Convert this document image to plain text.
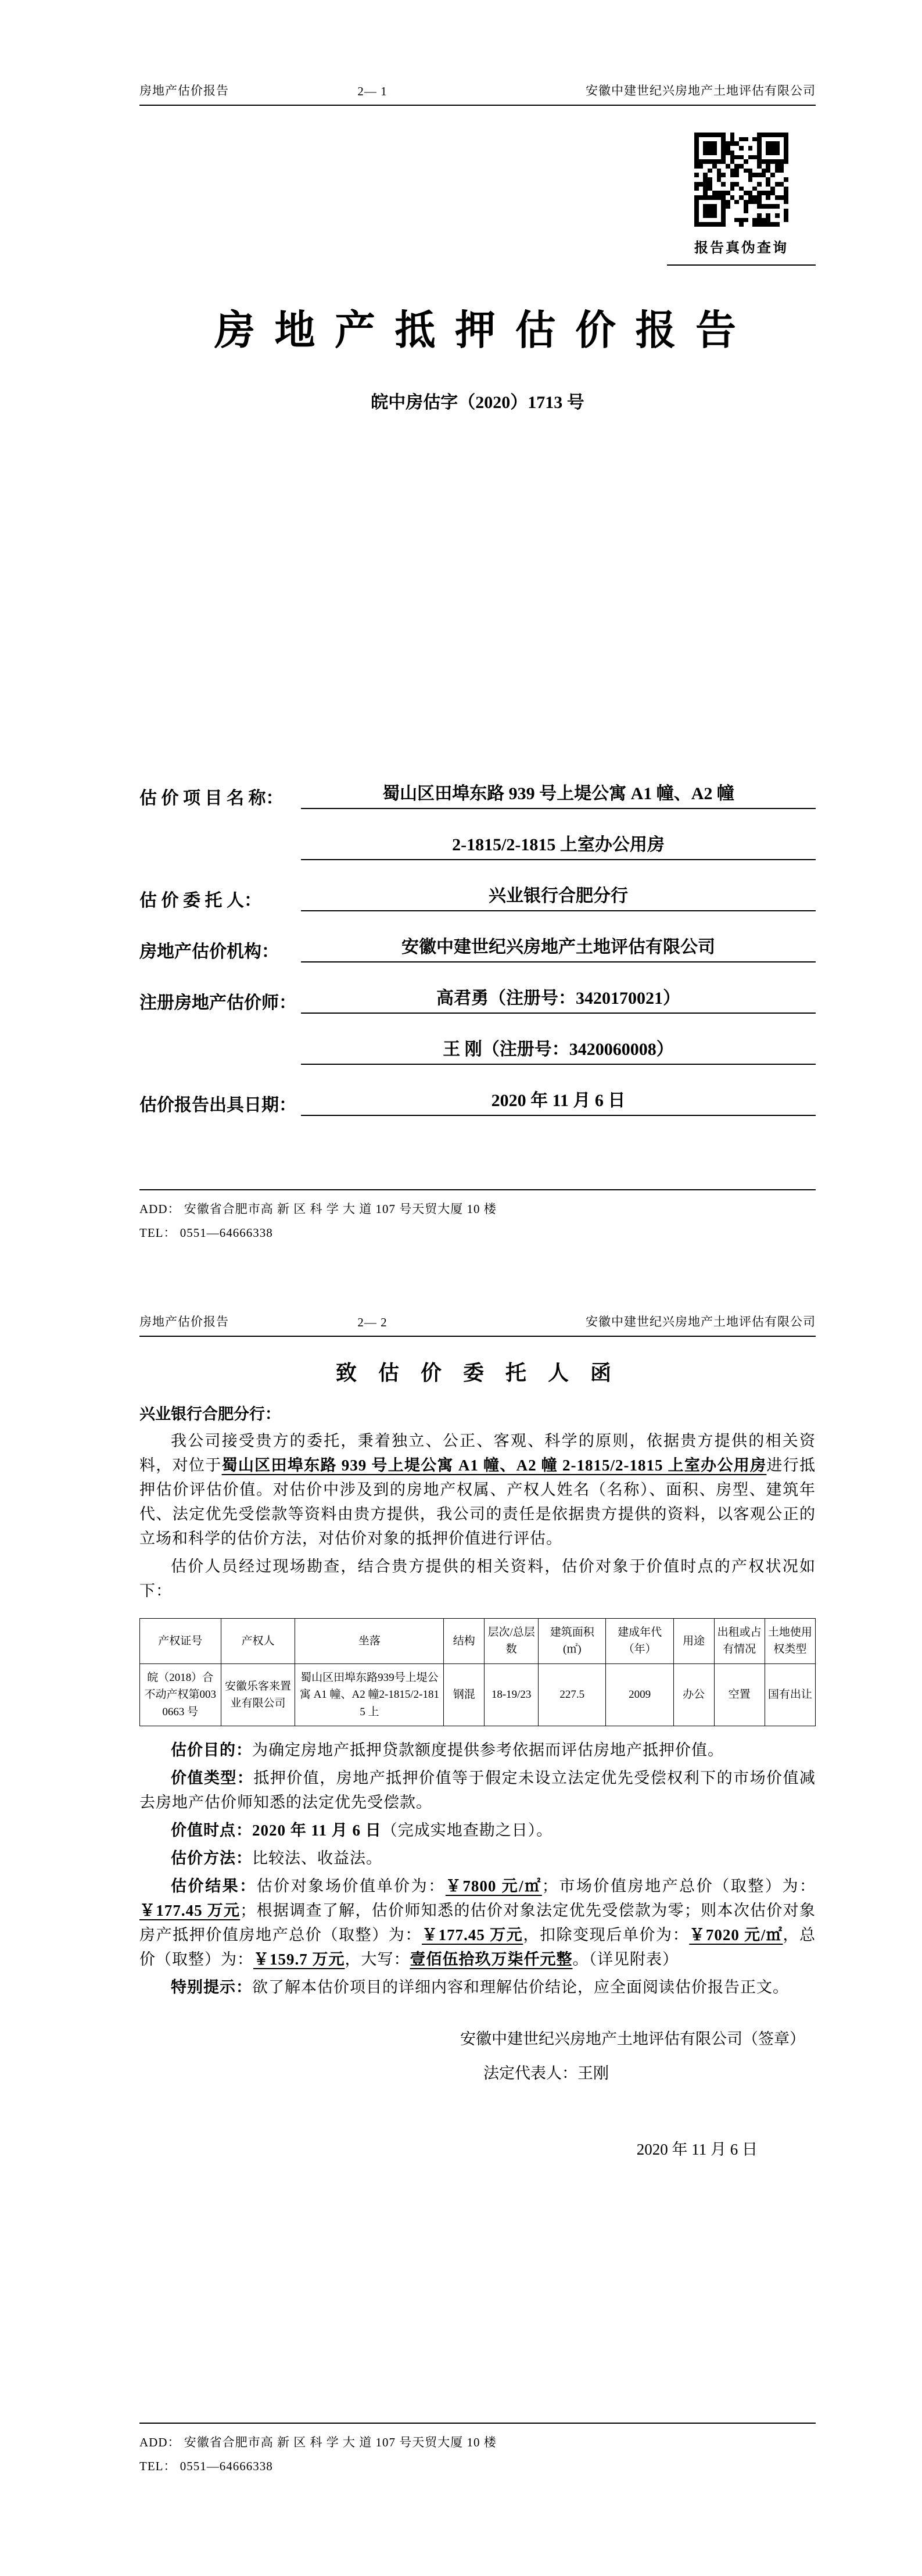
房地产估价报告	2— 1	安徽中建世纪兴房地产土地评估有限公司
报告真伪查询
房 地 产 抵 押 估 价 报 告
皖中房估字（2020）1713 号
估 价 项 目 名 称：	蜀山区田埠东路 939 号上堤公寓 A1 幢、A2 幢
2-1815/2-1815 上室办公用房
估 价 委 托 人：	兴业银行合肥分行
房地产估价机构：	安徽中建世纪兴房地产土地评估有限公司
注册房地产估价师：	高君勇（注册号：3420170021）
王 刚（注册号：3420060008）
估价报告出具日期：	2020 年 11 月 6 日
ADD： 安徽省合肥市高 新 区 科 学 大 道 107 号天贸大厦 10 楼
TEL： 0551—64666338
房地产估价报告	2— 2	安徽中建世纪兴房地产土地评估有限公司
致 估 价 委 托 人 函
兴业银行合肥分行：

我公司接受贵方的委托，秉着独立、公正、客观、科学的原则，依据贵方提供的相关资料，对位于蜀山区田埠东路 939 号上堤公寓 A1 幢、A2 幢 2-1815/2-1815 上室办公用房进行抵押估价评估价值。对估价中涉及到的房地产权属、产权人姓名（名称）、面积、房型、建筑年代、法定优先受偿款等资料由贵方提供，我公司的责任是依据贵方提供的资料，以客观公正的立场和科学的估价方法，对估价对象的抵押价值进行评估。

估价人员经过现场勘查，结合贵方提供的相关资料，估价对象于价值时点的产权状况如下：

产权证号	产权人	坐落	结构	层次/总层数	建筑面积(㎡)	建成年代（年）	用途	出租或占有情况	土地使用权类型
皖（2018）合不动产权第0030663 号	安徽乐客来置业有限公司	蜀山区田埠东路939号上堤公寓 A1 幢、A2 幢2-1815/2-1815 上	钢混	18-19/23	227.5	2009	办公	空置	国有出让

估价目的：为确定房地产抵押贷款额度提供参考依据而评估房地产抵押价值。

价值类型：抵押价值，房地产抵押价值等于假定未设立法定优先受偿权利下的市场价值减去房地产估价师知悉的法定优先受偿款。

价值时点：2020 年 11 月 6 日（完成实地查勘之日）。

估价方法：比较法、收益法。

估价结果：估价对象场价值单价为：￥7800 元/㎡；市场价值房地产总价（取整）为：￥177.45 万元；根据调查了解，估价师知悉的估价对象法定优先受偿款为零；则本次估价对象房产抵押价值房地产总价（取整）为：￥177.45 万元，扣除变现后单价为：￥7020 元/㎡，总价（取整）为：￥159.7 万元，大写：壹佰伍拾玖万柒仟元整。（详见附表）

特别提示：欲了解本估价项目的详细内容和理解估价结论，应全面阅读估价报告正文。

安徽中建世纪兴房地产土地评估有限公司（签章）
法定代表人：王刚
2020 年 11 月 6 日
ADD： 安徽省合肥市高 新 区 科 学 大 道 107 号天贸大厦 10 楼
TEL： 0551—64666338
